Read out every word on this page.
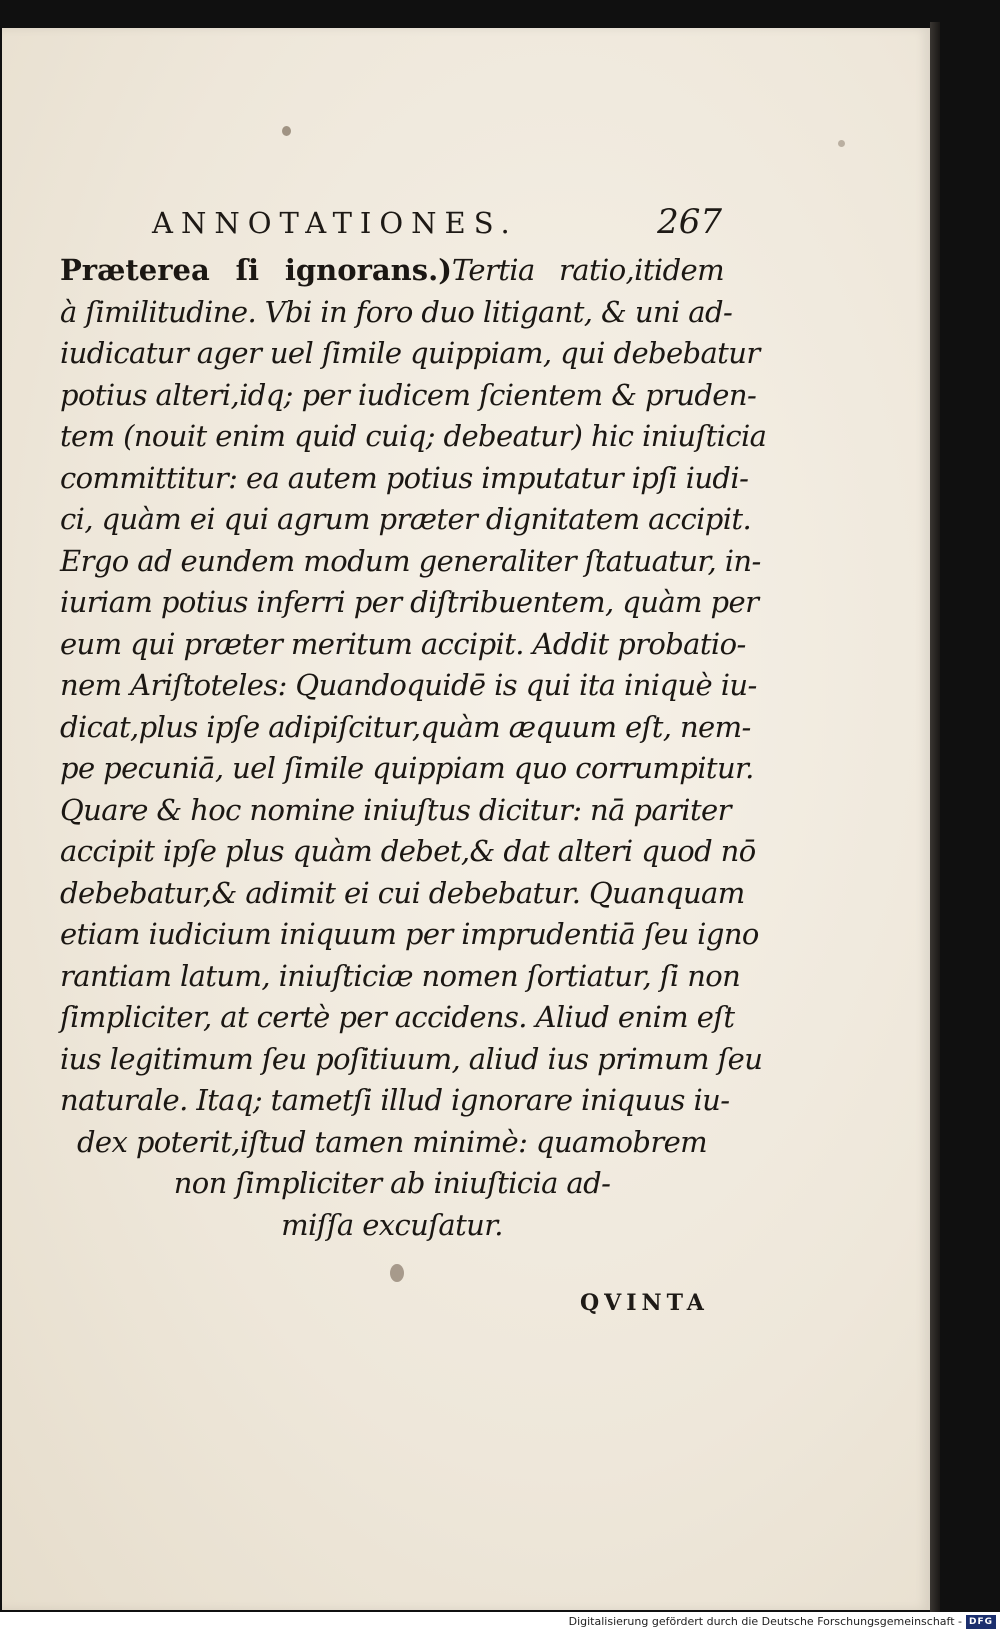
ANNOTATIONES.	267
Præterea ſi ignorans.)Tertia ratio,itidem
à ſimilitudine. Vbi in foro duo litigant, & uni ad-
iudicatur ager uel ſimile quippiam, qui debebatur
potius alteri,idq; per iudicem ſcientem & pruden-
tem (nouit enim quid cuiq; debeatur) hic iniuſticia
committitur: ea autem potius imputatur ipſi iudi-
ci, quàm ei qui agrum præter dignitatem accipit.
Ergo ad eundem modum generaliter ſtatuatur, in-
iuriam potius inferri per diſtribuentem, quàm per
eum qui præter meritum accipit. Addit probatio-
nem Ariſtoteles: Quandoquidē is qui ita iniquè iu-
dicat,plus ipſe adipiſcitur,quàm æquum eſt, nem-
pe pecuniā, uel ſimile quippiam quo corrumpitur.
Quare & hoc nomine iniuſtus dicitur: nā pariter
accipit ipſe plus quàm debet,& dat alteri quod nō
debebatur,& adimit ei cui debebatur. Quanquam
etiam iudicium iniquum per imprudentiā ſeu igno
rantiam latum, iniuſticiæ nomen ſortiatur, ſi non
ſimpliciter, at certè per accidens. Aliud enim eſt
ius legitimum ſeu poſitiuum, aliud ius primum ſeu
naturale. Itaq; tametſi illud ignorare iniquus iu-
dex poterit,iſtud tamen minimè: quamobrem
non ſimpliciter ab iniuſticia ad-
miſſa excuſatur.
QVINTA
Digitalisierung gefördert durch die Deutsche Forschungsgemeinschaft - DFG
